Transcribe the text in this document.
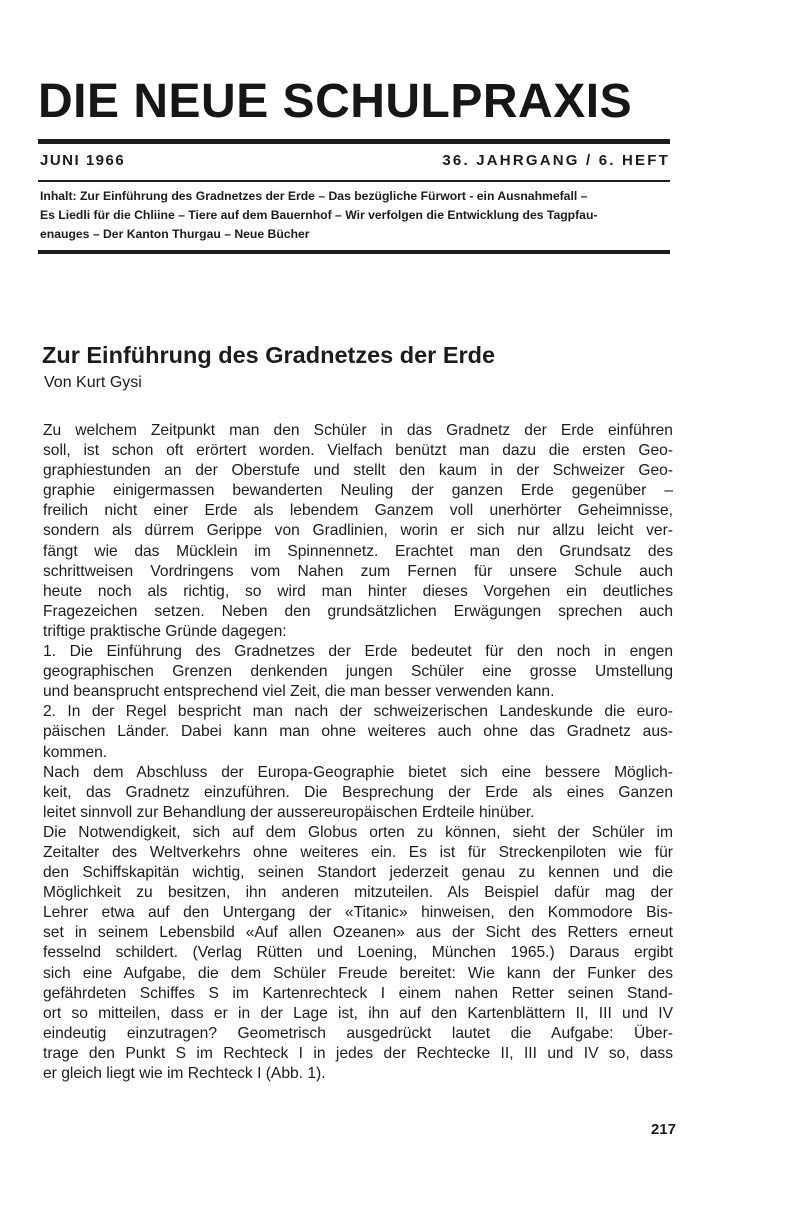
DIE NEUE SCHULPRAXIS
JUNI 1966	36. JAHRGANG / 6. HEFT
Inhalt: Zur Einführung des Gradnetzes der Erde – Das bezügliche Fürwort - ein Ausnahmefall –
Es Liedli für die Chliine – Tiere auf dem Bauernhof – Wir verfolgen die Entwicklung des Tagpfau-
enauges – Der Kanton Thurgau – Neue Bücher
Zur Einführung des Gradnetzes der Erde
Von Kurt Gysi
Zu welchem Zeitpunkt man den Schüler in das Gradnetz der Erde einführen
soll, ist schon oft erörtert worden. Vielfach benützt man dazu die ersten Geo-
graphiestunden an der Oberstufe und stellt den kaum in der Schweizer Geo-
graphie einigermassen bewanderten Neuling der ganzen Erde gegenüber –
freilich nicht einer Erde als lebendem Ganzem voll unerhörter Geheimnisse,
sondern als dürrem Gerippe von Gradlinien, worin er sich nur allzu leicht ver-
fängt wie das Mücklein im Spinnennetz. Erachtet man den Grundsatz des
schrittweisen Vordringens vom Nahen zum Fernen für unsere Schule auch
heute noch als richtig, so wird man hinter dieses Vorgehen ein deutliches
Fragezeichen setzen. Neben den grundsätzlichen Erwägungen sprechen auch
triftige praktische Gründe dagegen:
1. Die Einführung des Gradnetzes der Erde bedeutet für den noch in engen
geographischen Grenzen denkenden jungen Schüler eine grosse Umstellung
und beansprucht entsprechend viel Zeit, die man besser verwenden kann.
2. In der Regel bespricht man nach der schweizerischen Landeskunde die euro-
päischen Länder. Dabei kann man ohne weiteres auch ohne das Gradnetz aus-
kommen.
Nach dem Abschluss der Europa-Geographie bietet sich eine bessere Möglich-
keit, das Gradnetz einzuführen. Die Besprechung der Erde als eines Ganzen
leitet sinnvoll zur Behandlung der aussereuropäischen Erdteile hinüber.
Die Notwendigkeit, sich auf dem Globus orten zu können, sieht der Schüler im
Zeitalter des Weltverkehrs ohne weiteres ein. Es ist für Streckenpiloten wie für
den Schiffskapitän wichtig, seinen Standort jederzeit genau zu kennen und die
Möglichkeit zu besitzen, ihn anderen mitzuteilen. Als Beispiel dafür mag der
Lehrer etwa auf den Untergang der «Titanic» hinweisen, den Kommodore Bis-
set in seinem Lebensbild «Auf allen Ozeanen» aus der Sicht des Retters erneut
fesselnd schildert. (Verlag Rütten und Loening, München 1965.) Daraus ergibt
sich eine Aufgabe, die dem Schüler Freude bereitet: Wie kann der Funker des
gefährdeten Schiffes S im Kartenrechteck I einem nahen Retter seinen Stand-
ort so mitteilen, dass er in der Lage ist, ihn auf den Kartenblättern II, III und IV
eindeutig einzutragen? Geometrisch ausgedrückt lautet die Aufgabe: Über-
trage den Punkt S im Rechteck I in jedes der Rechtecke II, III und IV so, dass
er gleich liegt wie im Rechteck I (Abb. 1).
217
